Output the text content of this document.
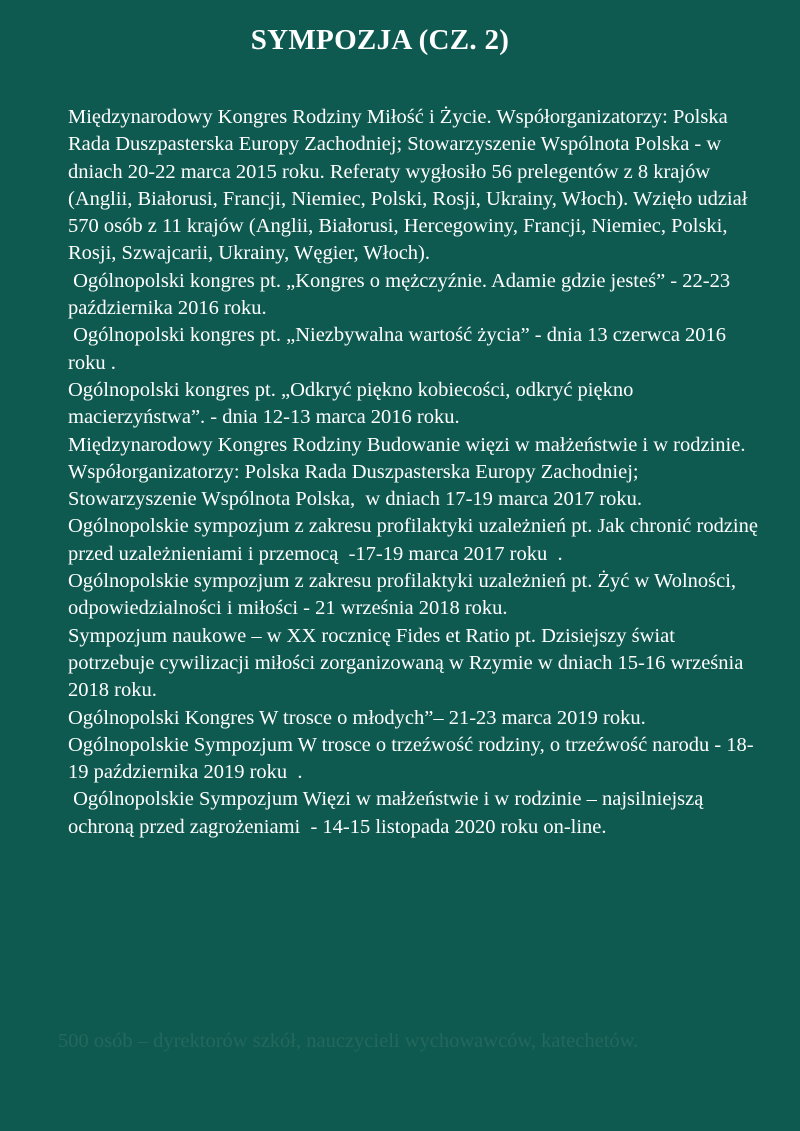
SYMPOZJA (CZ. 2)
Międzynarodowy Kongres Rodziny Miłość i Życie. Współorganizatorzy: Polska Rada Duszpasterska Europy Zachodniej; Stowarzyszenie Wspólnota Polska - w dniach 20-22 marca 2015 roku. Referaty wygłosiło 56 prelegentów z 8 krajów (Anglii, Białorusi, Francji, Niemiec, Polski, Rosji, Ukrainy, Włoch). Wzięło udział 570 osób z 11 krajów (Anglii, Białorusi, Hercegowiny, Francji, Niemiec, Polski, Rosji, Szwajcarii, Ukrainy, Węgier, Włoch).
Ogólnopolski kongres pt. „Kongres o mężczyźnie. Adamie gdzie jesteś” - 22-23 października 2016 roku.
Ogólnopolski kongres pt. „Niezbywalna wartość życia” - dnia 13 czerwca 2016 roku .
Ogólnopolski kongres pt. „Odkryć piękno kobiecości, odkryć piękno macierzyństwa”. - dnia 12-13 marca 2016 roku.
Międzynarodowy Kongres Rodziny Budowanie więzi w małżeństwie i w rodzinie. Współorganizatorzy: Polska Rada Duszpasterska Europy Zachodniej; Stowarzyszenie Wspólnota Polska,  w dniach 17-19 marca 2017 roku.
Ogólnopolskie sympozjum z zakresu profilaktyki uzależnień pt. Jak chronić rodzinę przed uzależnieniami i przemocą  -17-19 marca 2017 roku  .
Ogólnopolskie sympozjum z zakresu profilaktyki uzależnień pt. Żyć w Wolności, odpowiedzialności i miłości - 21 września 2018 roku.
Sympozjum naukowe – w XX rocznicę Fides et Ratio pt. Dzisiejszy świat potrzebuje cywilizacji miłości zorganizowaną w Rzymie w dniach 15-16 września 2018 roku.
Ogólnopolski Kongres W trosce o młodych”– 21-23 marca 2019 roku.
Ogólnopolskie Sympozjum W trosce o trzeźwość rodziny, o trzeźwość narodu - 18-19 października 2019 roku  .
Ogólnopolskie Sympozjum Więzi w małżeństwie i w rodzinie – najsilniejszą ochroną przed zagrożeniami  - 14-15 listopada 2020 roku on-line.

500 osób – dyrektorów szkół, nauczycieli wychowawców, katechetów.
